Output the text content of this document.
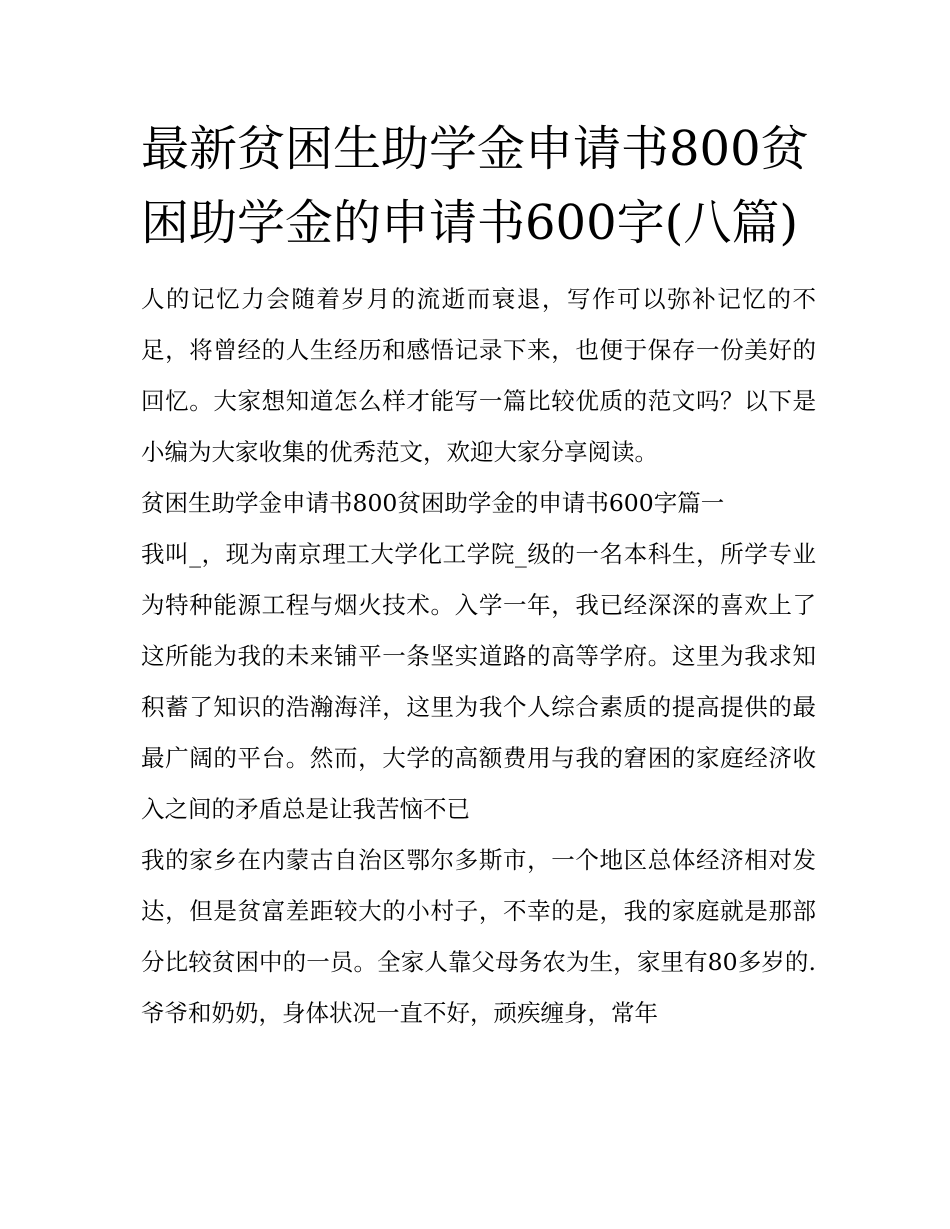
最新贫困生助学金申请书800贫困助学金的申请书600字(八篇)

人的记忆力会随着岁月的流逝而衰退，写作可以弥补记忆的不足，将曾经的人生经历和感悟记录下来，也便于保存一份美好的回忆。大家想知道怎么样才能写一篇比较优质的范文吗？以下是小编为大家收集的优秀范文，欢迎大家分享阅读。

贫困生助学金申请书800贫困助学金的申请书600字篇一

我叫_，现为南京理工大学化工学院_级的一名本科生，所学专业为特种能源工程与烟火技术。入学一年，我已经深深的喜欢上了这所能为我的未来铺平一条坚实道路的高等学府。这里为我求知积蓄了知识的浩瀚海洋，这里为我个人综合素质的提高提供的最最广阔的平台。然而，大学的高额费用与我的窘困的家庭经济收入之间的矛盾总是让我苦恼不已

我的家乡在内蒙古自治区鄂尔多斯市，一个地区总体经济相对发达，但是贫富差距较大的小村子，不幸的是，我的家庭就是那部分比较贫困中的一员。全家人靠父母务农为生，家里有80多岁的.爷爷和奶奶，身体状况一直不好，顽疾缠身，常年
